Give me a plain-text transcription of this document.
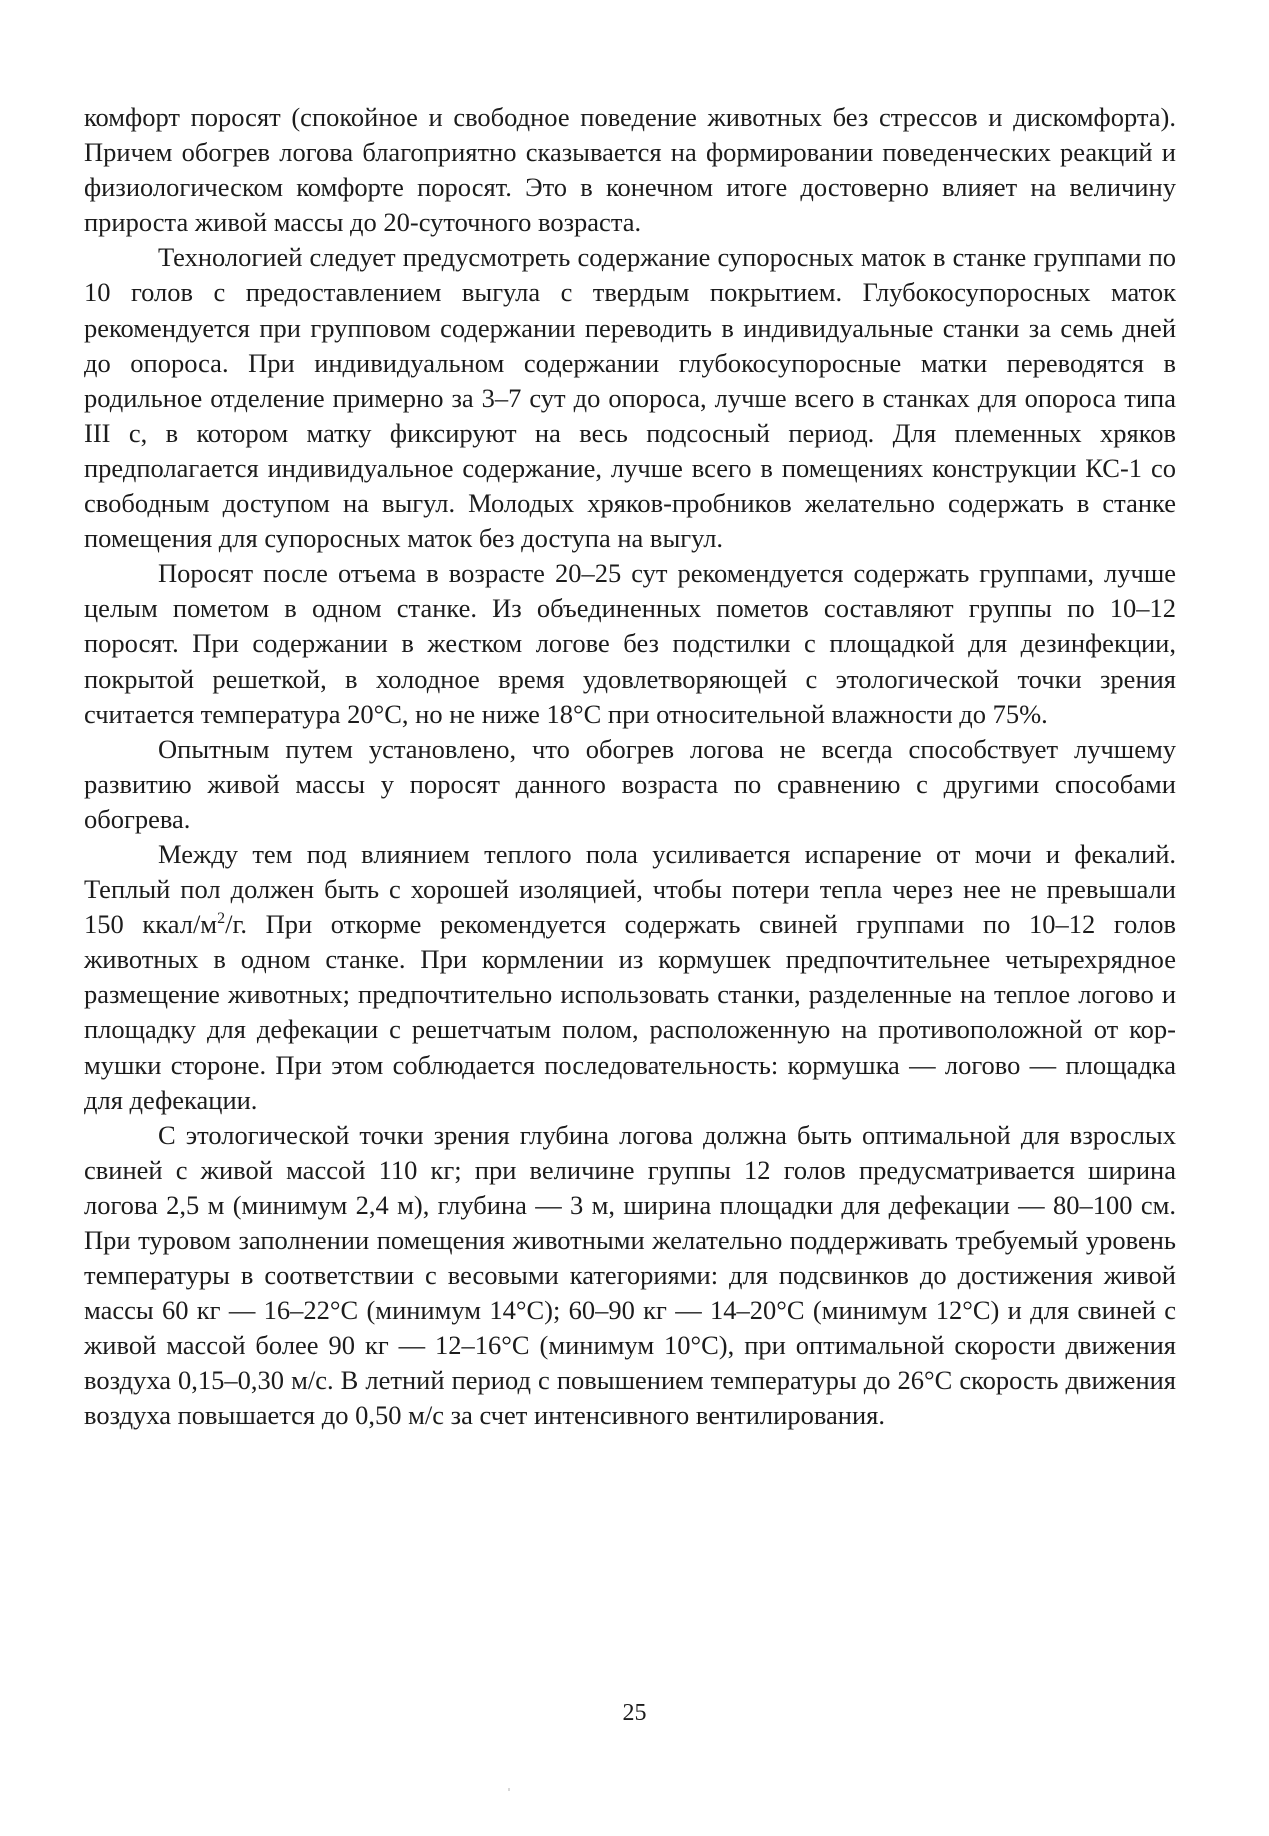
комфорт поросят (спокойное и свободное поведение животных без стрессов и дискомфорта). Причем обогрев логова благоприятно сказывается на формировании поведенческих реакций и физиологическом комфорте поросят. Это в конечном итоге достоверно влияет на величину прироста живой массы до 20-суточного возраста.

Технологией следует предусмотреть содержание супоросных маток в станке группами по 10 голов с предоставлением выгула с твердым покрытием. Глубокосупоросных маток рекомендуется при групповом содержании переводить в индивидуальные станки за семь дней до опороса. При индивидуальном содержании глубокосупоросные матки переводятся в родильное отделение примерно за 3–7 сут до опороса, лучше всего в станках для опороса типа III с, в котором матку фиксируют на весь подсосный период. Для племенных хряков предполагается индивидуальное содержание, лучше всего в помещениях конструкции КС-1 со свободным доступом на выгул. Молодых хряков-пробников желательно содержать в станке помещения для супоросных маток без доступа на выгул.

Поросят после отъема в возрасте 20–25 сут рекомендуется содержать группами, лучше целым пометом в одном станке. Из объединенных пометов составляют группы по 10–12 поросят. При содержании в жестком логове без подстилки с площадкой для дезинфекции, покрытой решеткой, в холодное время удовлетворяющей с этологической точки зрения считается температура 20°С, но не ниже 18°С при относительной влажности до 75%.

Опытным путем установлено, что обогрев логова не всегда способствует лучшему развитию живой массы у поросят данного возраста по сравнению с другими способами обогрева.

Между тем под влиянием теплого пола усиливается испарение от мочи и фекалий. Теплый пол должен быть с хорошей изоляцией, чтобы потери тепла через нее не превышали 150 ккал/$м^2/г$. При откорме рекомендуется содержать свиней группами по 10–12 голов животных в одном станке. При кормлении из кормушек предпочтительнее четырехрядное размещение животных; предпочтительно использовать станки, разделенные на теплое логово и площадку для дефекации с решетчатым полом, расположенную на противоположной от кормушки стороне. При этом соблюдается последовательность: кормушка — логово — площадка для дефекации.

С этологической точки зрения глубина логова должна быть оптимальной для взрослых свиней с живой массой 110 кг; при величине группы 12 голов предусматривается ширина логова 2,5 м (минимум 2,4 м), глубина — 3 м, ширина площадки для дефекации — 80–100 см. При туровом заполнении помещения животными желательно поддерживать требуемый уровень температуры в соответствии с весовыми категориями: для подсвинков до достижения живой массы 60 кг — 16–22°С (минимум 14°С); 60–90 кг — 14–20°С (минимум 12°С) и для свиней с живой массой более 90 кг — 12–16°С (минимум 10°С), при оптимальной скорости движения воздуха 0,15–0,30 м/с. В летний период с повышением температуры до 26°С скорость движения воздуха повышается до 0,50 м/с за счет интенсивного вентилирования.

25
